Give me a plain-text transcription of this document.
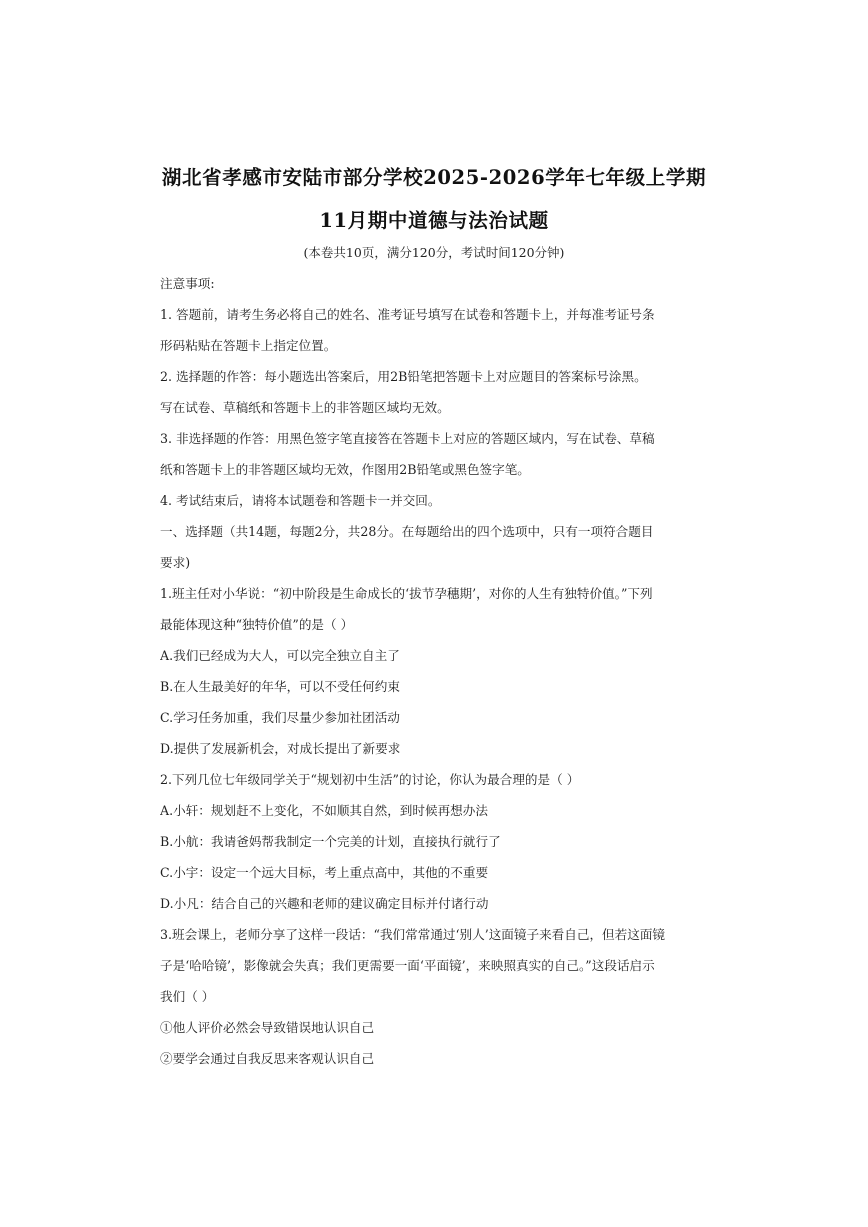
湖北省孝感市安陆市部分学校2025-2026学年七年级上学期
11月期中道德与法治试题
(本卷共10页，满分120分，考试时间120分钟)
注意事项:
1. 答题前，请考生务必将自己的姓名、准考证号填写在试卷和答题卡上，并每准考证号条
形码粘贴在答题卡上指定位置。
2. 选择题的作答：每小题选出答案后，用2B铅笔把答题卡上对应题目的答案标号涂黑。
写在试卷、草稿纸和答题卡上的非答题区域均无效。
3. 非选择题的作答：用黑色签字笔直接答在答题卡上对应的答题区域内，写在试卷、草稿
纸和答题卡上的非答题区域均无效，作图用2B铅笔或黑色签字笔。
4. 考试结束后，请将本试题卷和答题卡一并交回。
一、选择题（共14题，每题2分，共28分。在每题给出的四个选项中，只有一项符合题目
要求)
1.班主任对小华说：“初中阶段是生命成长的‘拔节孕穗期’，对你的人生有独特价值。”下列
最能体现这种“独特价值”的是（ ）
A.我们已经成为大人，可以完全独立自主了
B.在人生最美好的年华，可以不受任何约束
C.学习任务加重，我们尽量少参加社团活动
D.提供了发展新机会，对成长提出了新要求
2.下列几位七年级同学关于“规划初中生活”的讨论，你认为最合理的是（ ）
A.小轩：规划赶不上变化，不如顺其自然，到时候再想办法
B.小航：我请爸妈帮我制定一个完美的计划，直接执行就行了
C.小宇：设定一个远大目标，考上重点高中，其他的不重要
D.小凡：结合自己的兴趣和老师的建议确定目标并付诸行动
3.班会课上，老师分享了这样一段话：“我们常常通过‘别人’这面镜子来看自己，但若这面镜
子是‘哈哈镜’，影像就会失真；我们更需要一面‘平面镜’，来映照真实的自己。”这段话启示
我们（ ）
①他人评价必然会导致错误地认识自己
②要学会通过自我反思来客观认识自己
